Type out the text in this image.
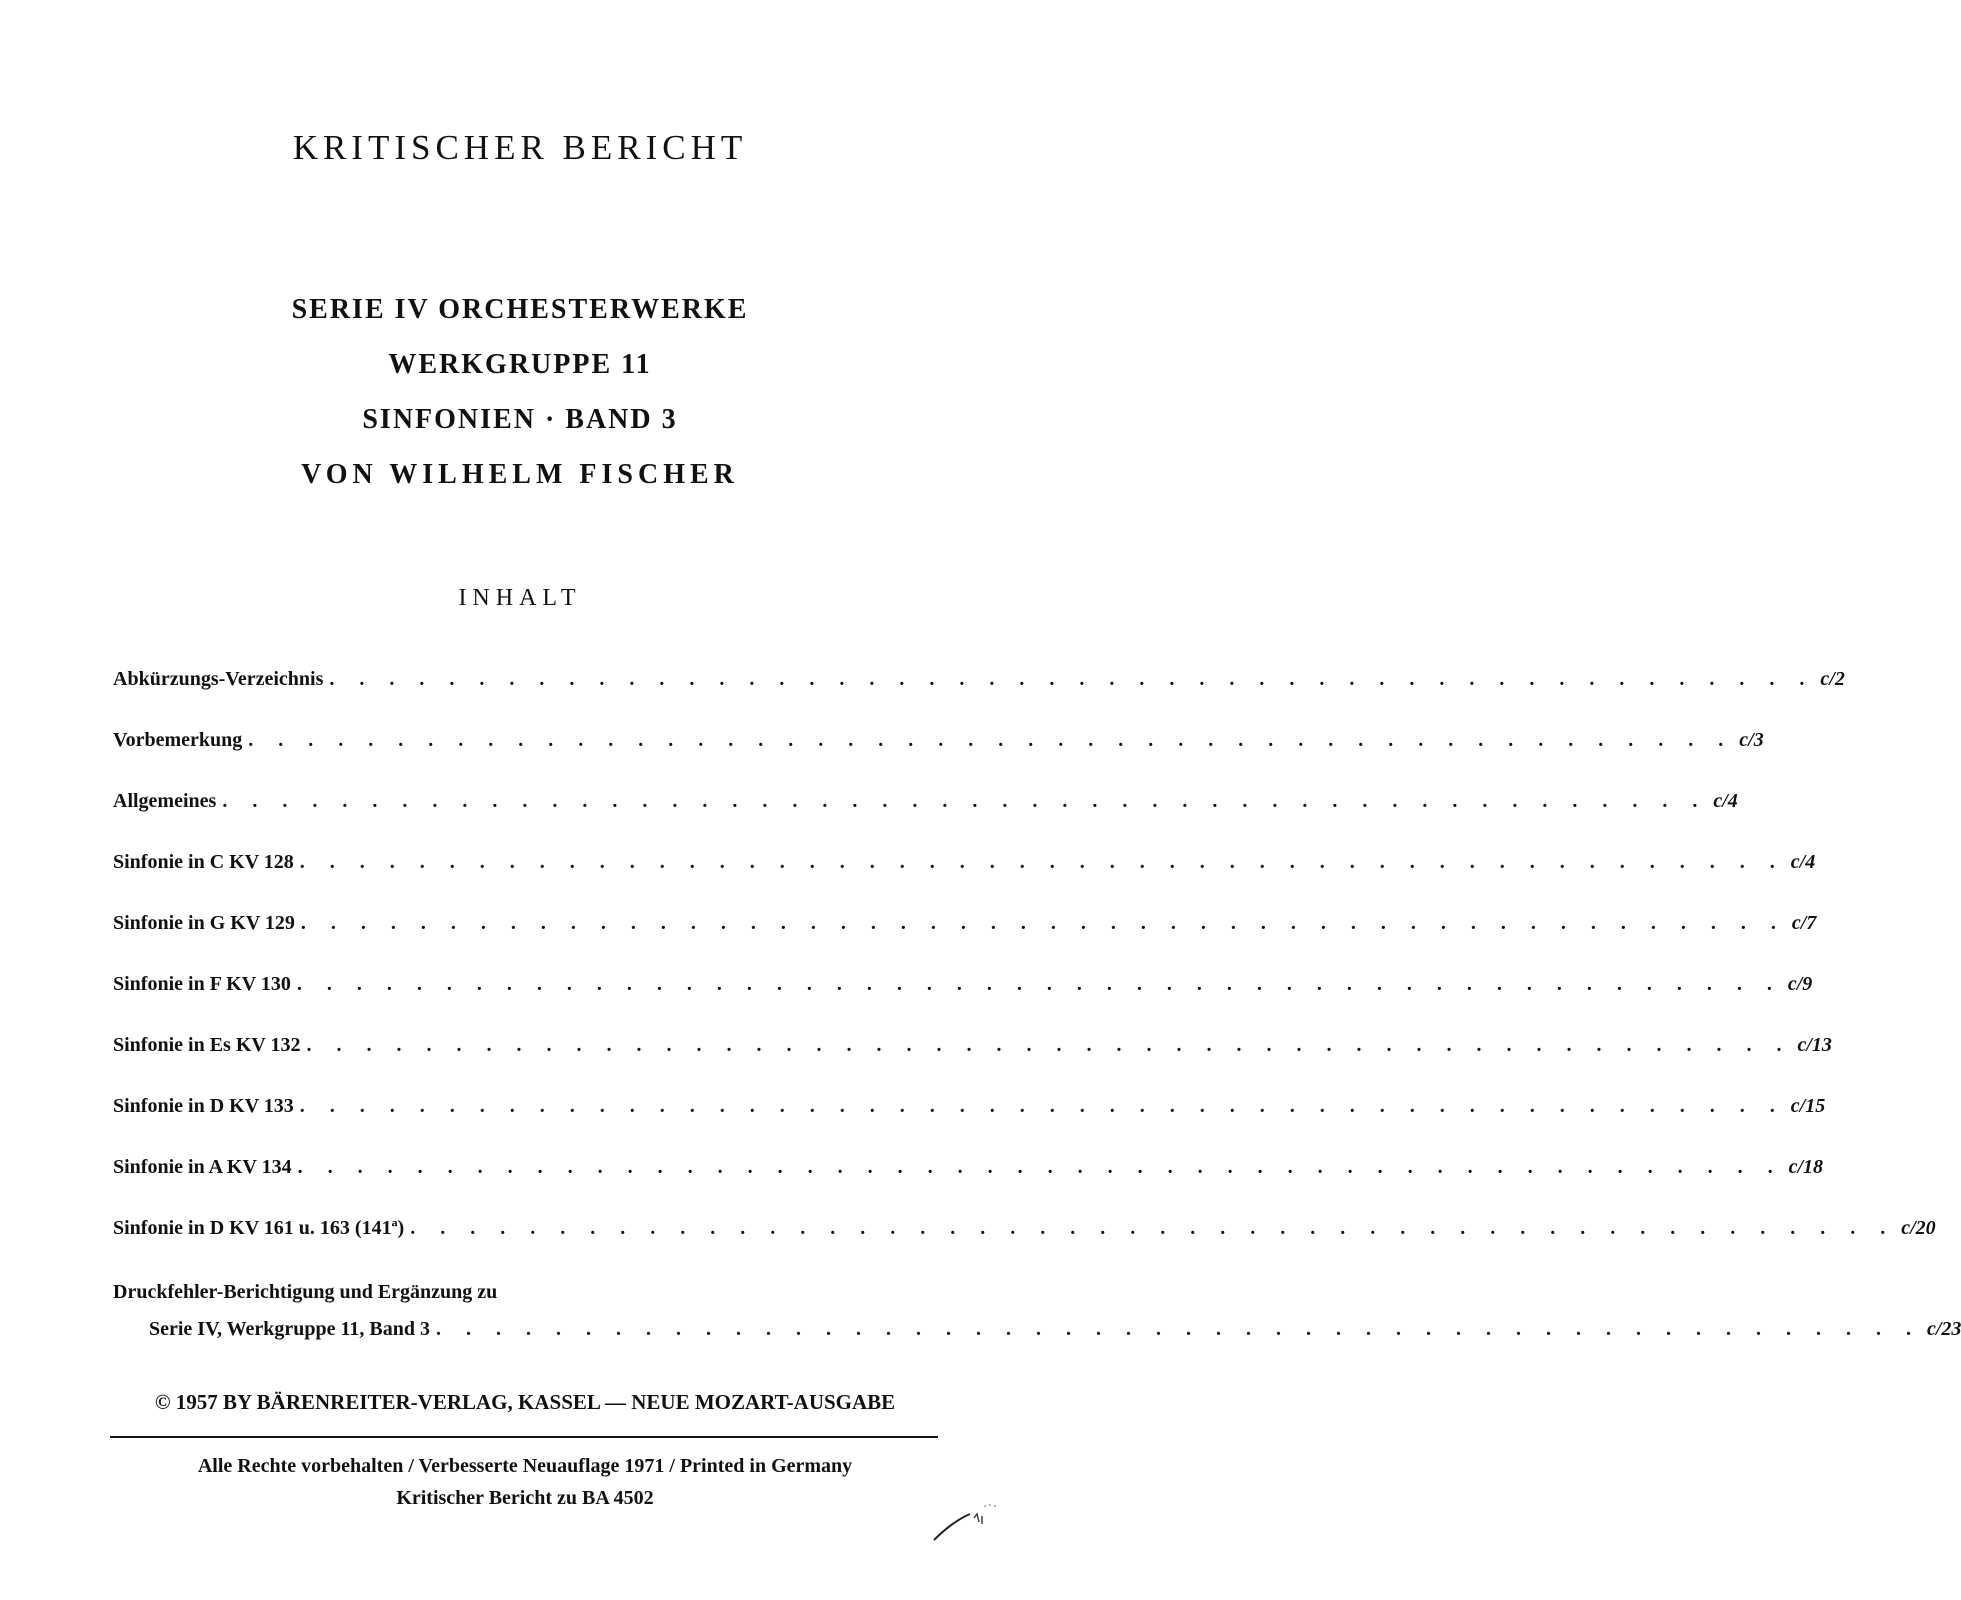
KRITISCHER BERICHT
SERIE IV ORCHESTERWERKE
WERKGRUPPE 11
SINFONIEN · BAND 3
VON WILHELM FISCHER
INHALT
Abkürzungs-Verzeichnis . . . . . . . . . . . . . . . . . . . . . . . . . . . . . . . . . . . . . . . . . . . . . . . . . . c/2
Vorbemerkung . . . . . . . . . . . . . . . . . . . . . . . . . . . . . . . . . . . . . . . . . . . . . . . . . . c/3
Allgemeines . . . . . . . . . . . . . . . . . . . . . . . . . . . . . . . . . . . . . . . . . . . . . . . . . . c/4
Sinfonie in C KV 128 . . . . . . . . . . . . . . . . . . . . . . . . . . . . . . . . . . . . . . . . . . . . . . . . . . c/4
Sinfonie in G KV 129 . . . . . . . . . . . . . . . . . . . . . . . . . . . . . . . . . . . . . . . . . . . . . . . . . . c/7
Sinfonie in F KV 130 . . . . . . . . . . . . . . . . . . . . . . . . . . . . . . . . . . . . . . . . . . . . . . . . . . c/9
Sinfonie in Es KV 132 . . . . . . . . . . . . . . . . . . . . . . . . . . . . . . . . . . . . . . . . . . . . . . . . . . c/13
Sinfonie in D KV 133 . . . . . . . . . . . . . . . . . . . . . . . . . . . . . . . . . . . . . . . . . . . . . . . . . . c/15
Sinfonie in A KV 134 . . . . . . . . . . . . . . . . . . . . . . . . . . . . . . . . . . . . . . . . . . . . . . . . . . c/18
Sinfonie in D KV 161 u. 163 (141ª) . . . . . . . . . . . . . . . . . . . . . . . . . . . . . . . . . . . . . . . . . . . . . . . . . . c/20
Druckfehler-Berichtigung und Ergänzung zu
Serie IV, Werkgruppe 11, Band 3 . . . . . . . . . . . . . . . . . . . . . . . . . . . . . . . . . . . . . . . . . . . . . . . . . . c/23
© 1957 BY BÄRENREITER-VERLAG, KASSEL — NEUE MOZART-AUSGABE
Alle Rechte vorbehalten / Verbesserte Neuauflage 1971 / Printed in Germany
Kritischer Bericht zu BA 4502
